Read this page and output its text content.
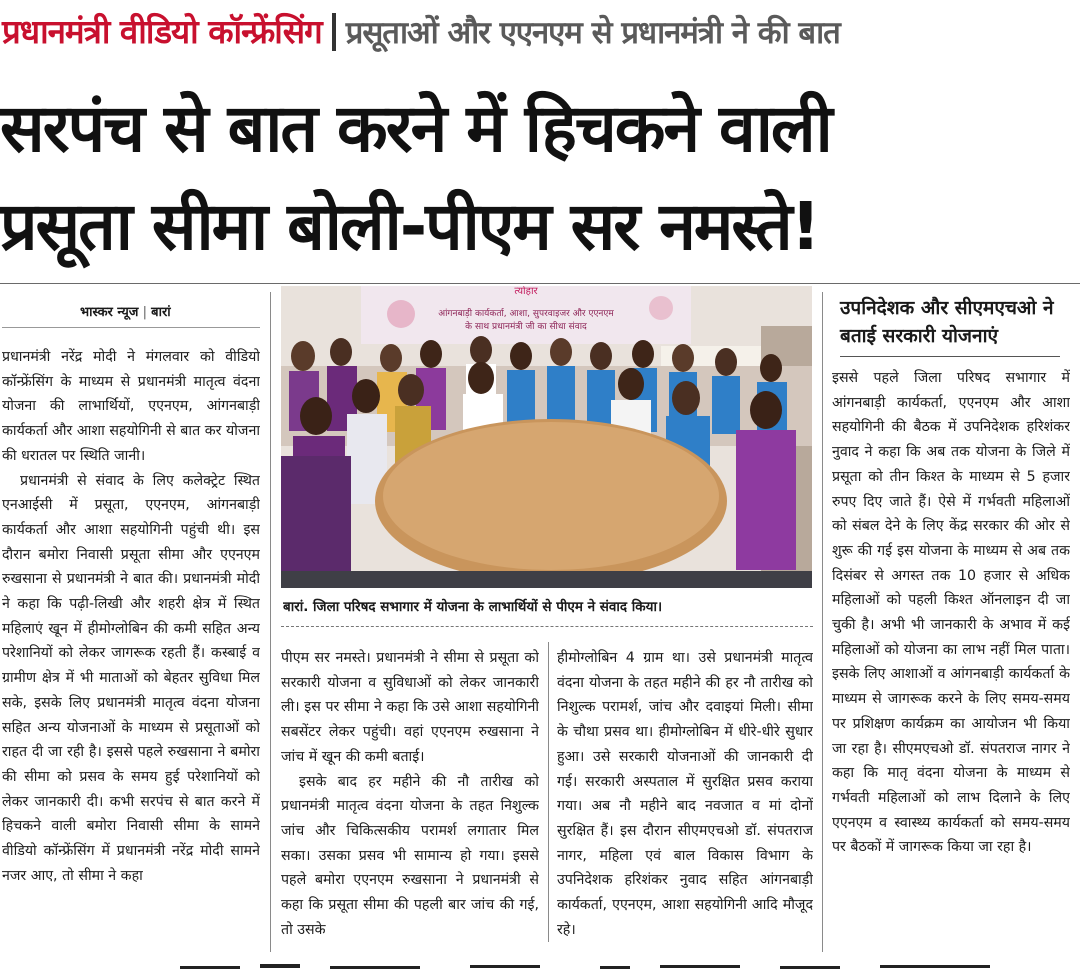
प्रधानमंत्री वीडियो कॉन्फ्रेंसिंग प्रसूताओं और एएनएम से प्रधानमंत्री ने की बात
सरपंच से बात करने में हिचकने वाली
प्रसूता सीमा बोली-पीएम सर नमस्ते!
भास्कर न्यूज | बारां

प्रधानमंत्री नरेंद्र मोदी ने मंगलवार को वीडियो कॉन्फ्रेंसिंग के माध्यम से प्रधानमंत्री मातृत्व वंदना योजना की लाभार्थियों, एएनएम, आंगनबाड़ी कार्यकर्ता और आशा सहयोगिनी से बात कर योजना की धरातल पर स्थिति जानी।

प्रधानमंत्री से संवाद के लिए कलेक्ट्रेट स्थित एनआईसी में प्रसूता, एएनएम, आंगनबाड़ी कार्यकर्ता और आशा सहयोगिनी पहुंची थी। इस दौरान बमोरा निवासी प्रसूता सीमा और एएनएम रुखसाना से प्रधानमंत्री ने बात की। प्रधानमंत्री मोदी ने कहा कि पढ़ी-लिखी और शहरी क्षेत्र में स्थित महिलाएं खून में हीमोग्लोबिन की कमी सहित अन्य परेशानियों को लेकर जागरूक रहती हैं। कस्बाई व ग्रामीण क्षेत्र में भी माताओं को बेहतर सुविधा मिल सके, इसके लिए प्रधानमंत्री मातृत्व वंदना योजना सहित अन्य योजनाओं के माध्यम से प्रसूताओं को राहत दी जा रही है। इससे पहले रुखसाना ने बमोरा की सीमा को प्रसव के समय हुई परेशानियों को लेकर जानकारी दी। कभी सरपंच से बात करने में हिचकने वाली बमोरा निवासी सीमा के सामने वीडियो कॉन्फ्रेंसिंग में प्रधानमंत्री नरेंद्र मोदी सामने नजर आए, तो सीमा ने कहा

त्योहार
आंगनबाड़ी कार्यकर्ता, आशा, सुपरवाइजर और एएनएम
के साथ प्रधानमंत्री जी का सीधा संवाद
बारां. जिला परिषद सभागार में योजना के लाभार्थियों से पीएम ने संवाद किया।

पीएम सर नमस्ते। प्रधानमंत्री ने सीमा से प्रसूता को सरकारी योजना व सुविधाओं को लेकर जानकारी ली। इस पर सीमा ने कहा कि उसे आशा सहयोगिनी सबसेंटर लेकर पहुंची। वहां एएनएम रुखसाना ने जांच में खून की कमी बताई।

इसके बाद हर महीने की नौ तारीख को प्रधानमंत्री मातृत्व वंदना योजना के तहत निशुल्क जांच और चिकित्सकीय परामर्श लगातार मिल सका। उसका प्रसव भी सामान्य हो गया। इससे पहले बमोरा एएनएम रुखसाना ने प्रधानमंत्री से कहा कि प्रसूता सीमा की पहली बार जांच की गई, तो उसके

हीमोग्लोबिन 4 ग्राम था। उसे प्रधानमंत्री मातृत्व वंदना योजना के तहत महीने की हर नौ तारीख को निशुल्क परामर्श, जांच और दवाइयां मिली। सीमा के चौथा प्रसव था। हीमोग्लोबिन में धीरे-धीरे सुधार हुआ। उसे सरकारी योजनाओं की जानकारी दी गई। सरकारी अस्पताल में सुरक्षित प्रसव कराया गया। अब नौ महीने बाद नवजात व मां दोनों सुरक्षित हैं। इस दौरान सीएमएचओ डॉ. संपतराज नागर, महिला एवं बाल विकास विभाग के उपनिदेशक हरिशंकर नुवाद सहित आंगनबाड़ी कार्यकर्ता, एएनएम, आशा सहयोगिनी आदि मौजूद रहे।

उपनिदेशक और सीएमएचओ ने बताई सरकारी योजनाएं

इससे पहले जिला परिषद सभागार में आंगनबाड़ी कार्यकर्ता, एएनएम और आशा सहयोगिनी की बैठक में उपनिदेशक हरिशंकर नुवाद ने कहा कि अब तक योजना के जिले में प्रसूता को तीन किश्त के माध्यम से 5 हजार रुपए दिए जाते हैं। ऐसे में गर्भवती महिलाओं को संबल देने के लिए केंद्र सरकार की ओर से शुरू की गई इस योजना के माध्यम से अब तक दिसंबर से अगस्त तक 10 हजार से अधिक महिलाओं को पहली किश्त ऑनलाइन दी जा चुकी है। अभी भी जानकारी के अभाव में कई महिलाओं को योजना का लाभ नहीं मिल पाता। इसके लिए आशाओं व आंगनबाड़ी कार्यकर्ता के माध्यम से जागरूक करने के लिए समय-समय पर प्रशिक्षण कार्यक्रम का आयोजन भी किया जा रहा है। सीएमएचओ डॉ. संपतराज नागर ने कहा कि मातृ वंदना योजना के माध्यम से गर्भवती महिलाओं को लाभ दिलाने के लिए एएनएम व स्वास्थ्य कार्यकर्ता को समय-समय पर बैठकों में जागरूक किया जा रहा है।
